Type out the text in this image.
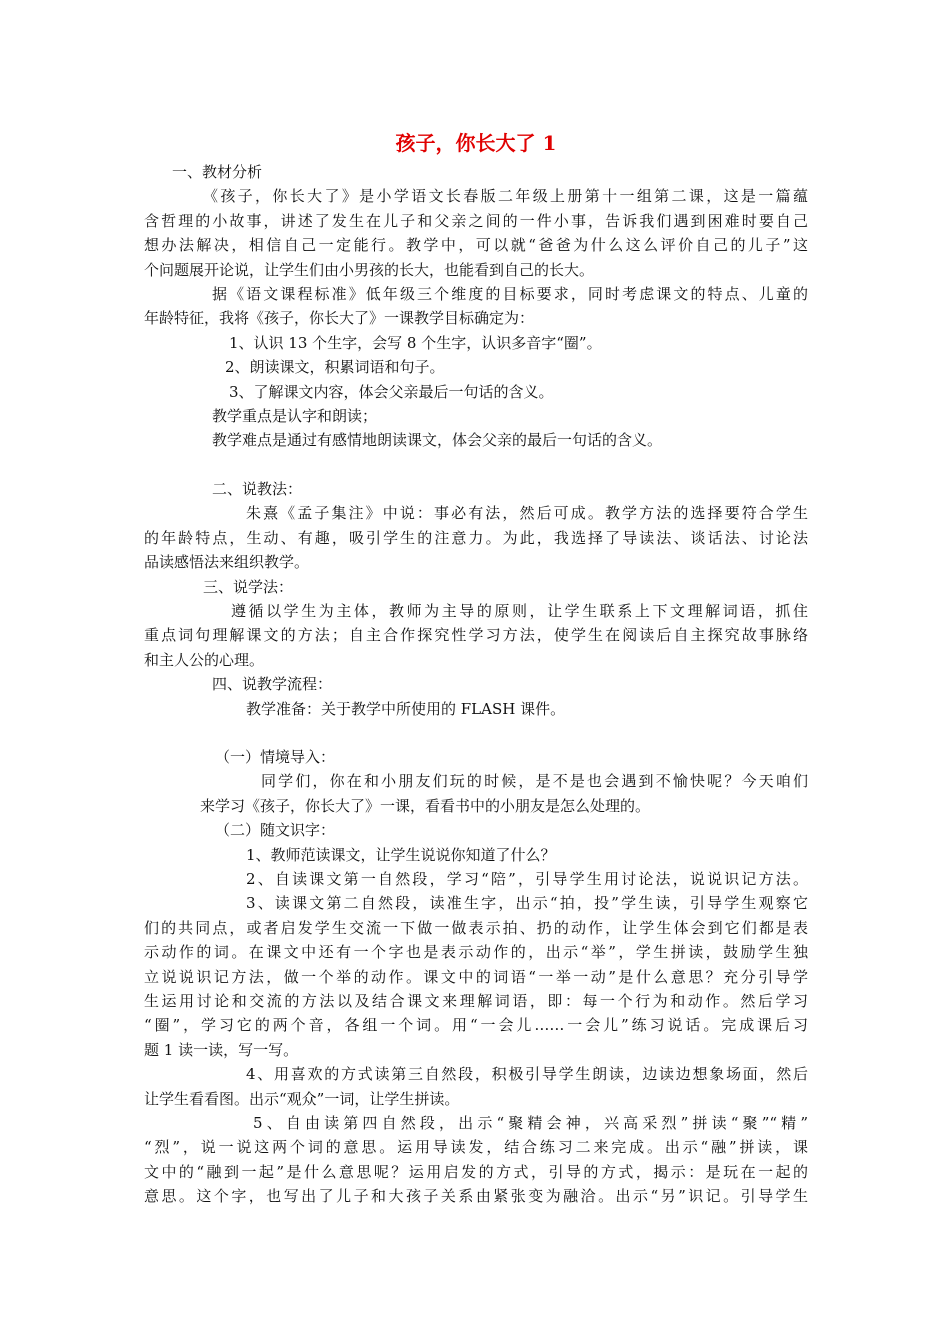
孩子，你长大了 1
一、教材分析
《孩子，你长大了》是小学语文长春版二年级上册第十一组第二课，这是一篇蕴
含哲理的小故事，讲述了发生在儿子和父亲之间的一件小事，告诉我们遇到困难时要自己
想办法解决，相信自己一定能行。教学中，可以就“爸爸为什么这么评价自己的儿子”这
个问题展开论说，让学生们由小男孩的长大，也能看到自己的长大。
据《语文课程标准》低年级三个维度的目标要求，同时考虑课文的特点、儿童的
年龄特征，我将《孩子，你长大了》一课教学目标确定为：
1、认识 13 个生字，会写 8 个生字，认识多音字“圈”。
2、朗读课文，积累词语和句子。
3、了解课文内容，体会父亲最后一句话的含义。
教学重点是认字和朗读；
教学难点是通过有感情地朗读课文，体会父亲的最后一句话的含义。
二、说教法：
朱熹《孟子集注》中说：事必有法，然后可成。教学方法的选择要符合学生
的年龄特点，生动、有趣，吸引学生的注意力。为此，我选择了导读法、谈话法、讨论法
品读感悟法来组织教学。
三、说学法：
遵循以学生为主体，教师为主导的原则，让学生联系上下文理解词语，抓住
重点词句理解课文的方法；自主合作探究性学习方法，使学生在阅读后自主探究故事脉络
和主人公的心理。
四、说教学流程：
教学准备：关于教学中所使用的 FLASH 课件。
（一）情境导入：
同学们，你在和小朋友们玩的时候，是不是也会遇到不愉快呢？今天咱们
来学习《孩子，你长大了》一课，看看书中的小朋友是怎么处理的。
（二）随文识字：
1、教师范读课文，让学生说说你知道了什么？
2、自读课文第一自然段，学习“陪”，引导学生用讨论法，说说识记方法。
3、读课文第二自然段，读准生字，出示“拍，投”学生读，引导学生观察它
们的共同点，或者启发学生交流一下做一做表示拍、扔的动作，让学生体会到它们都是表
示动作的词。在课文中还有一个字也是表示动作的，出示“举”，学生拼读，鼓励学生独
立说说识记方法，做一个举的动作。课文中的词语“一举一动”是什么意思？充分引导学
生运用讨论和交流的方法以及结合课文来理解词语，即：每一个行为和动作。然后学习
“圈”，学习它的两个音，各组一个词。用“一会儿……一会儿”练习说话。完成课后习
题 1 读一读，写一写。
4、用喜欢的方式读第三自然段，积极引导学生朗读，边读边想象场面，然后
让学生看看图。出示“观众”一词，让学生拼读。
5、自由读第四自然段，出示“聚精会神，兴高采烈”拼读“聚”“精”
“烈”，说一说这两个词的意思。运用导读发，结合练习二来完成。出示“融”拼读，课
文中的“融到一起”是什么意思呢？运用启发的方式，引导的方式，揭示：是玩在一起的
意思。这个字，也写出了儿子和大孩子关系由紧张变为融洽。出示“另”识记。引导学生
